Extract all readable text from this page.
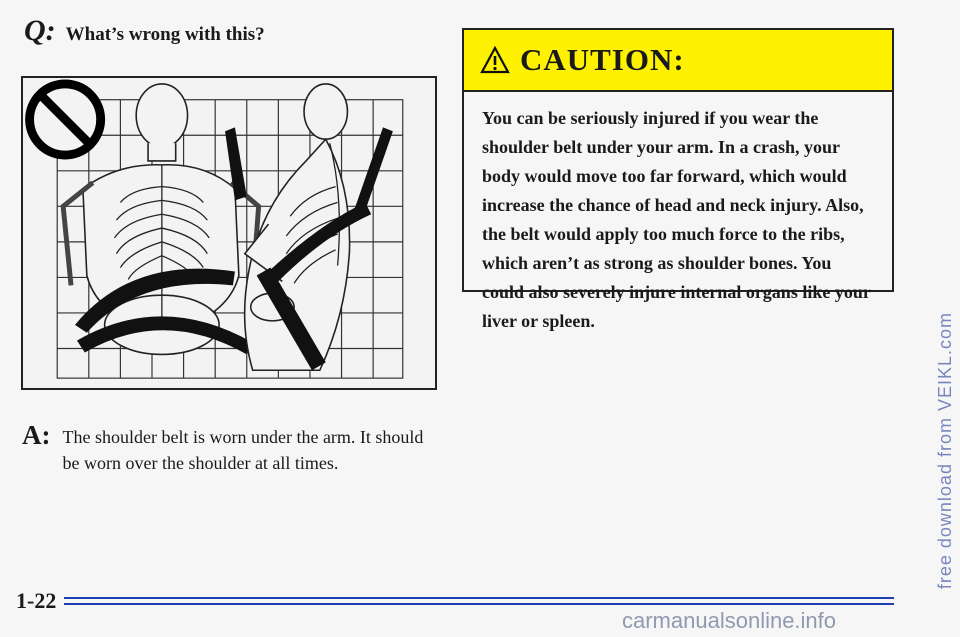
Q: What’s wrong with this?
A: The shoulder belt is worn under the arm. It should be worn over the shoulder at all times.
CAUTION:
You can be seriously injured if you wear the shoulder belt under your arm. In a crash, your body would move too far forward, which would increase the chance of head and neck injury. Also, the belt would apply too much force to the ribs, which aren’t as strong as shoulder bones. You could also severely injure internal organs like your liver or spleen.
1-22
free download from VEIKL.com
carmanualsonline.info
